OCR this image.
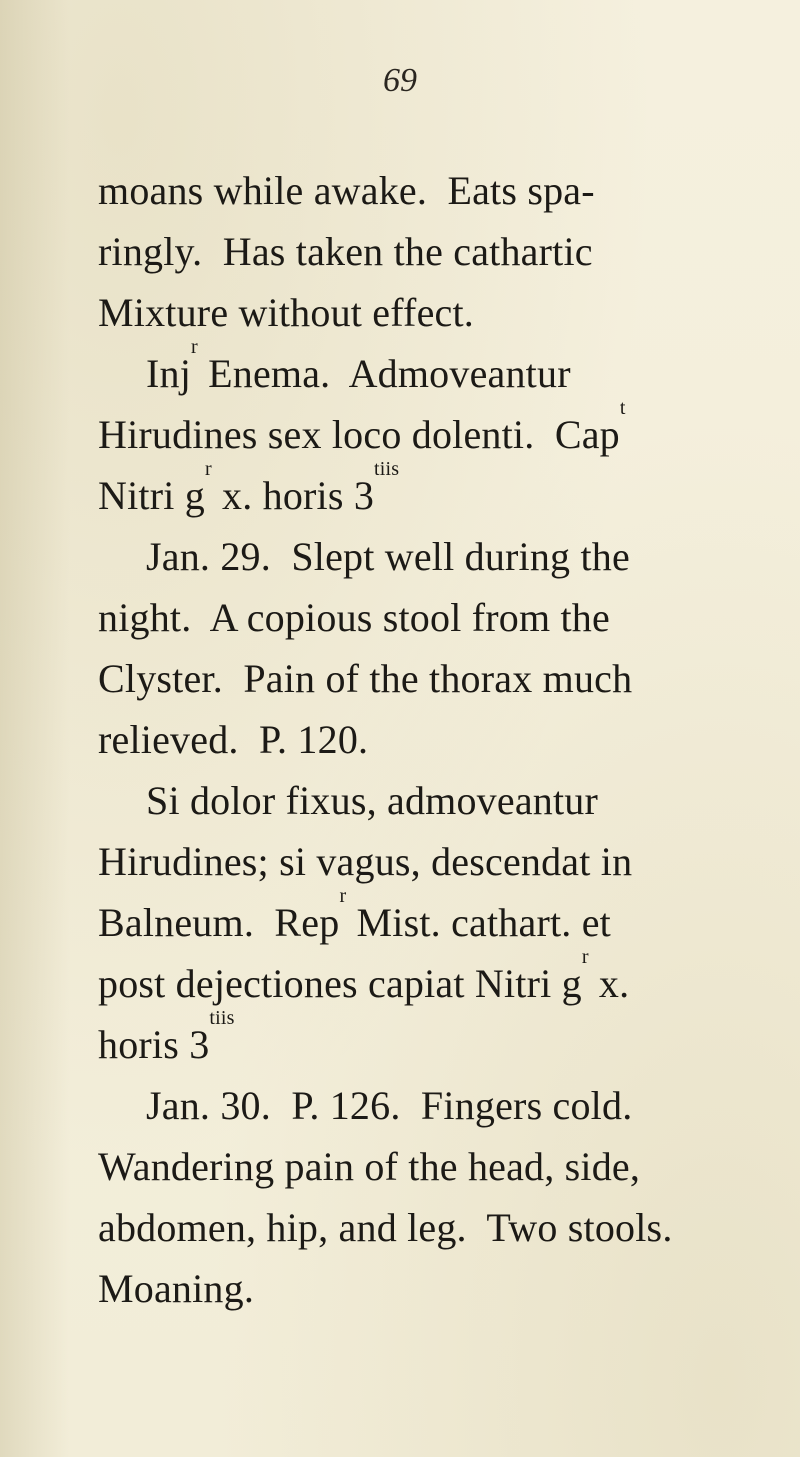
69
moans while awake.  Eats spa-
ringly.  Has taken the cathartic
Mixture without effect.
Inj$^r$ Enema.  Admoveantur
Hirudines sex loco dolenti.  Cap$^t$
Nitri $g^r$ x. horis $3^{tiis}$
Jan. 29.  Slept well during the
night.  A copious stool from the
Clyster.  Pain of the thorax much
relieved.  P. 120.
Si dolor fixus, admoveantur
Hirudines; si vagus, descendat in
Balneum.  Rep$^r$ Mist. cathart. et
post dejectiones capiat Nitri $g^r$ x.
horis $3^{tiis}$
Jan. 30.  P. 126.  Fingers cold.
Wandering pain of the head, side,
abdomen, hip, and leg.  Two stools.
Moaning.
